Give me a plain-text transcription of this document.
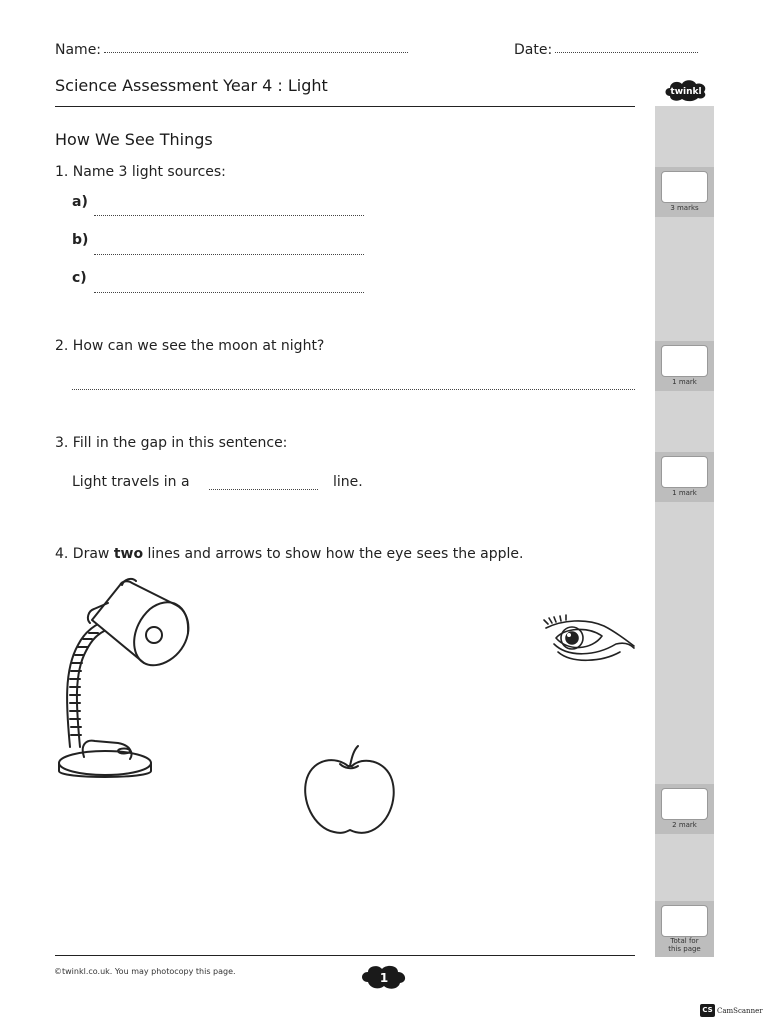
Name:	Date:
Science Assessment Year 4 : Light	twinkl
3 marks
1 mark
1 mark
2 mark
Total for
this page
How We See Things
1. Name 3 light sources:
a)
b)
c)
2. How can we see the moon at night?
3. Fill in the gap in this sentence:
Light travels in a	line.
4. Draw two lines and arrows to show how the eye sees the apple.
©twinkl.co.uk. You may photocopy this page.	1
CS CamScanner
